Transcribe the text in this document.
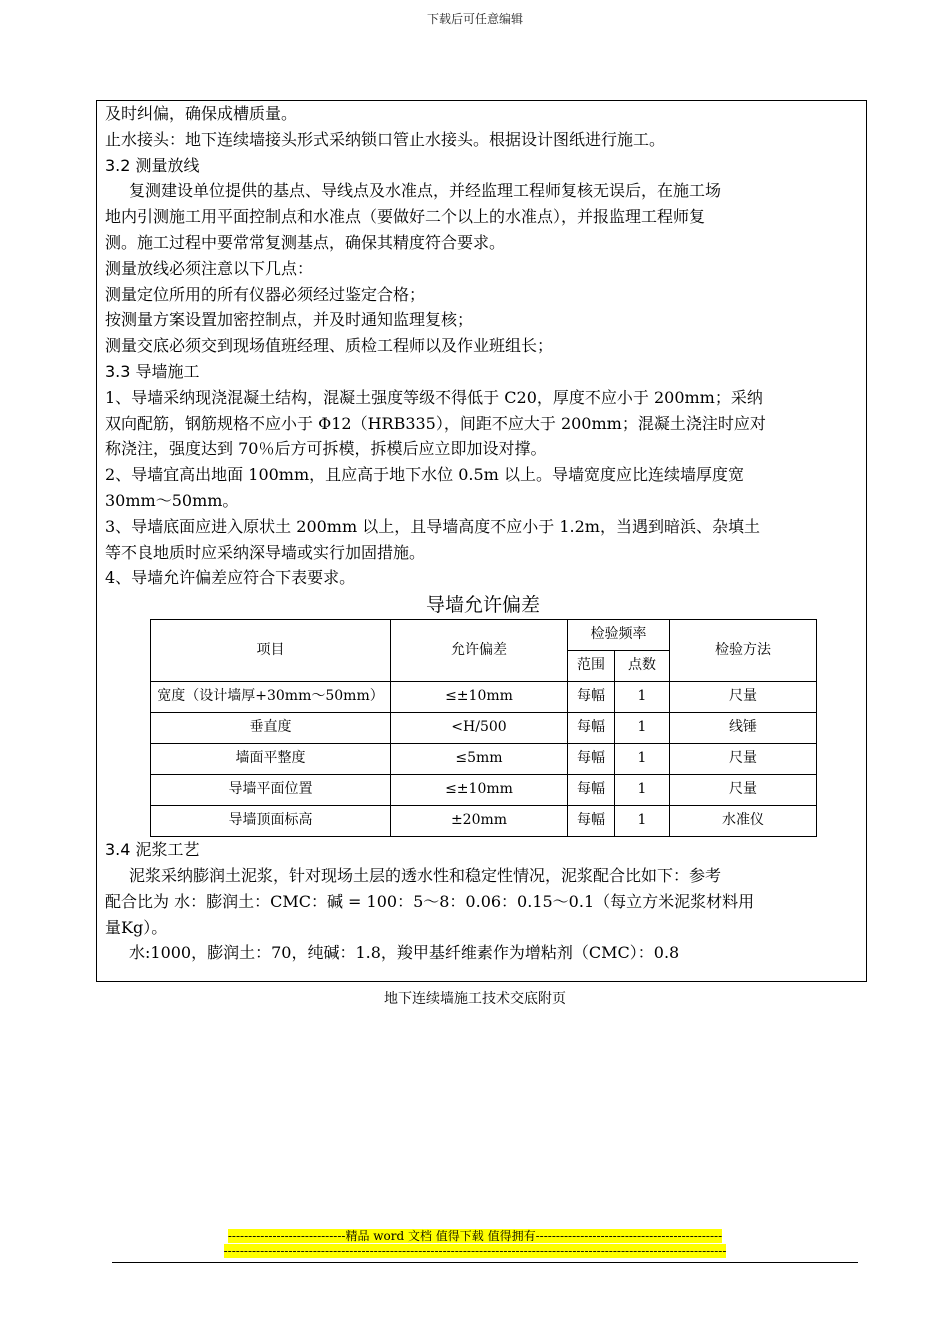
下载后可任意编辑

及时纠偏，确保成槽质量。

止水接头：地下连续墙接头形式采纳锁口管止水接头。根据设计图纸进行施工。

3.2 测量放线

复测建设单位提供的基点、导线点及水准点，并经监理工程师复核无误后，在施工场

地内引测施工用平面控制点和水准点（要做好二个以上的水准点），并报监理工程师复

测。施工过程中要常常复测基点，确保其精度符合要求。

测量放线必须注意以下几点：

测量定位所用的所有仪器必须经过鉴定合格；

按测量方案设置加密控制点，并及时通知监理复核；

测量交底必须交到现场值班经理、质检工程师以及作业班组长；

3.3 导墙施工

1、导墙采纳现浇混凝土结构，混凝土强度等级不得低于 C20，厚度不应小于 200mm；采纳

双向配筋，钢筋规格不应小于 Φ12（HRB335），间距不应大于 200mm；混凝土浇注时应对

称浇注，强度达到 70％后方可拆模，拆模后应立即加设对撑。

2、导墙宜高出地面 100mm，且应高于地下水位 0.5m 以上。导墙宽度应比连续墙厚度宽

30mm～50mm。

3、导墙底面应进入原状土 200mm 以上，且导墙高度不应小于 1.2m，当遇到暗浜、杂填土

等不良地质时应采纳深导墙或实行加固措施。

4、导墙允许偏差应符合下表要求。

导墙允许偏差
项目	允许偏差	检验频率		检验方法
		范围	点数	
宽度（设计墙厚+30mm～50mm）	≤±10mm	每幅	1	尺量
垂直度	<H/500	每幅	1	线锤
墙面平整度	≤5mm	每幅	1	尺量
导墙平面位置	≤±10mm	每幅	1	尺量
导墙顶面标高	±20mm	每幅	1	水准仪

3.4 泥浆工艺

泥浆采纳膨润土泥浆，针对现场土层的透水性和稳定性情况，泥浆配合比如下：参考

配合比为 水：膨润土：CMC：碱 = 100：5～8：0.06：0.15～0.1（每立方米泥浆材料用

量Kg）。

水:1000，膨润土：70，纯碱：1.8，羧甲基纤维素作为增粘剂（CMC）：0.8

地下连续墙施工技术交底附页
-----------------------------精品 word 文档 值得下载 值得拥有----------------------------------------------
----------------------------------------------------------------------------------------------------------------------------
